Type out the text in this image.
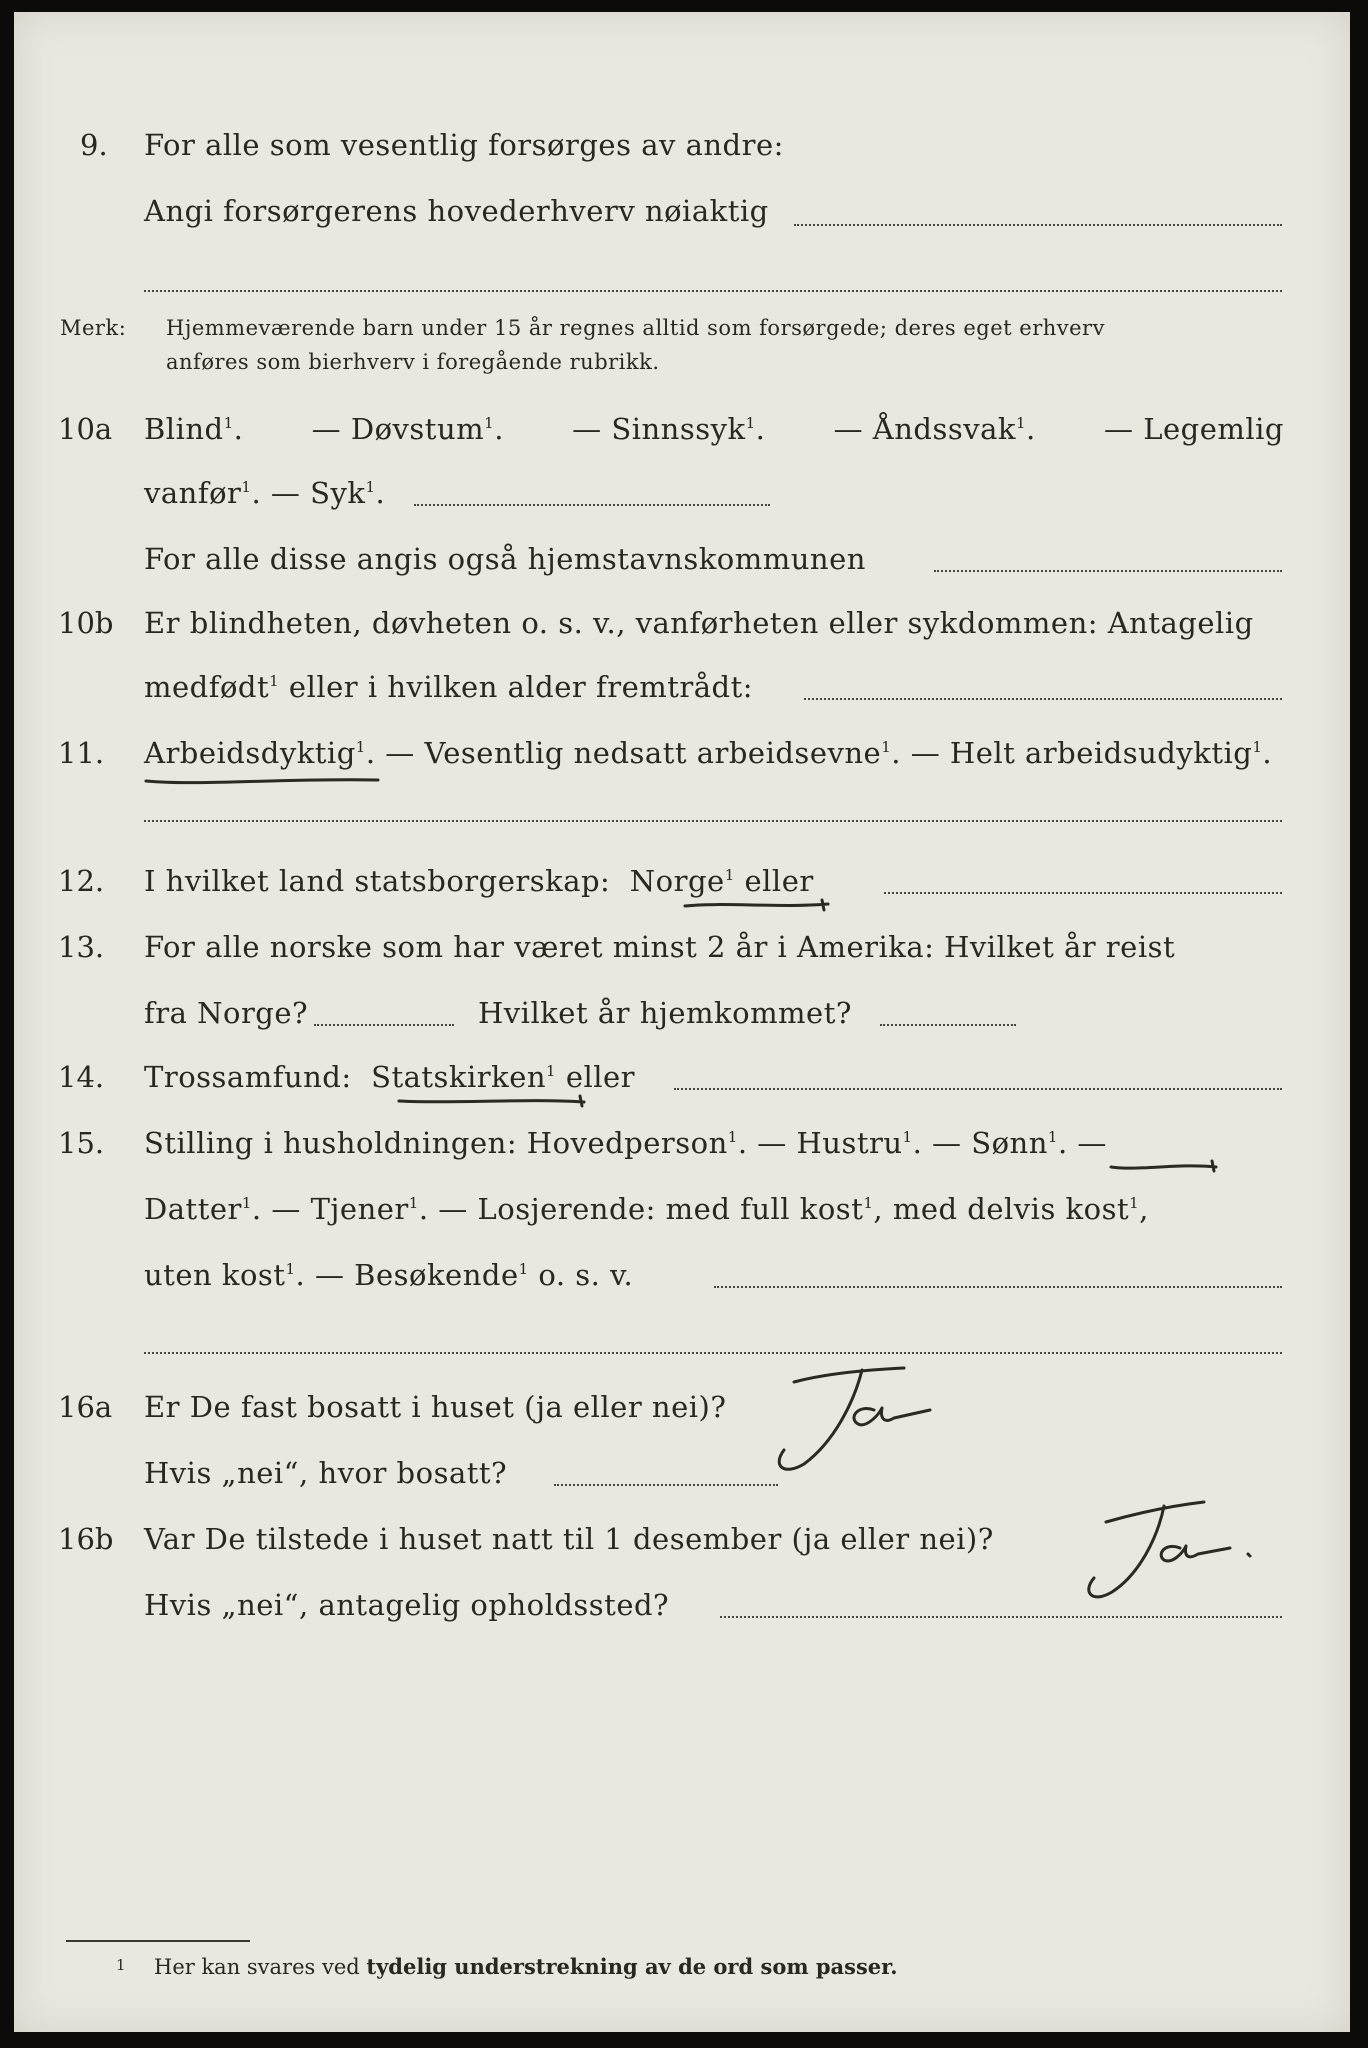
9. For alle som vesentlig forsørges av andre:
Angi forsørgerens hovederhverv nøiaktig
Merk: Hjemmeværende barn under 15 år regnes alltid som forsørgede; deres eget erhverv
anføres som bierhverv i foregående rubrikk.
10a Blind$^1$. — Døvstum$^1$. — Sinnssyk$^1$. — Åndssvak$^1$. — Legemlig
vanfør$^1$. — Syk$^1$.
For alle disse angis også hjemstavnskommunen
10b Er blindheten, døvheten o. s. v., vanførheten eller sykdommen: Antagelig
medfødt$^1$ eller i hvilken alder fremtrådt:
11. Arbeidsdyktig$^1$. — Vesentlig nedsatt arbeidsevne$^1$. — Helt arbeidsudyktig$^1$.
12. I hvilket land statsborgerskap: Norge$^1$ eller
13. For alle norske som har været minst 2 år i Amerika: Hvilket år reist
fra Norge?	Hvilket år hjemkommet?
14. Trossamfund: Statskirken$^1$ eller
15. Stilling i husholdningen: Hovedperson$^1$. — Hustru$^1$. — Sønn$^1$. —
Datter$^1$. — Tjener$^1$. — Losjerende: med full kost$^1$, med delvis kost$^1$,
uten kost$^1$. — Besøkende$^1$ o. s. v.
16a Er De fast bosatt i huset (ja eller nei)?
Hvis „nei“, hvor bosatt?
16b Var De tilstede i huset natt til 1 desember (ja eller nei)?
Hvis „nei“, antagelig opholdssted?
1 Her kan svares ved tydelig understrekning av de ord som passer.
